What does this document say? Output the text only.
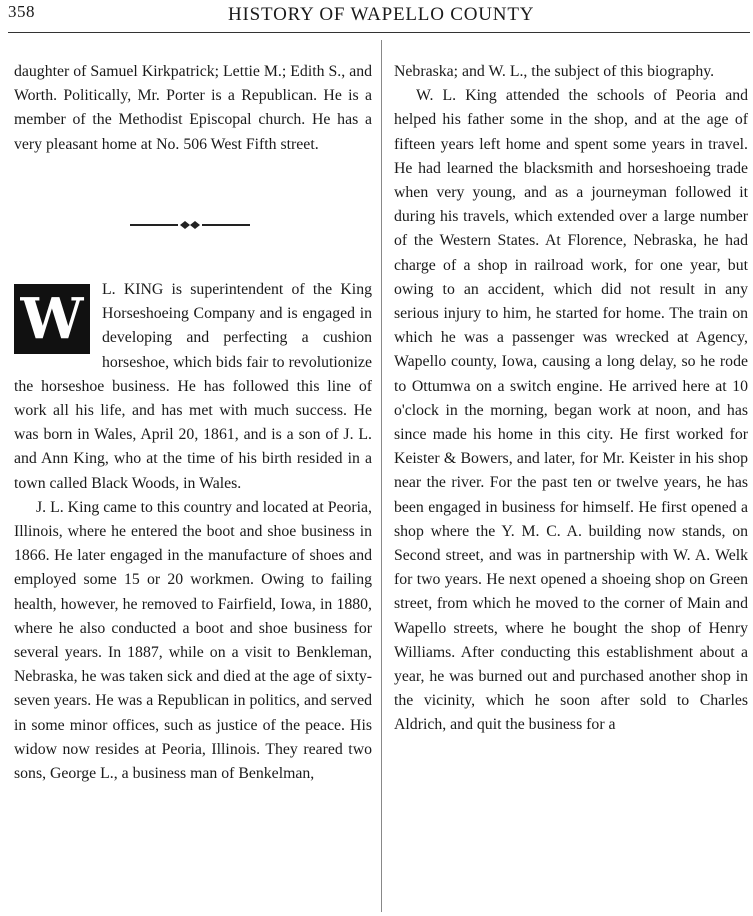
358	HISTORY OF WAPELLO COUNTY

daughter of Samuel Kirkpatrick; Lettie M.; Edith S., and Worth. Politically, Mr. Porter is a Republican. He is a member of the Methodist Episcopal church. He has a very pleasant home at No. 506 West Fifth street.

W	L. KING is superintendent of the King Horseshoeing Company and is engaged in developing and perfecting a cushion horseshoe, which bids fair to revolutionize the horseshoe business. He has followed this line of work all his life, and has met with much success. He was born in Wales, April 20, 1861, and is a son of J. L. and Ann King, who at the time of his birth resided in a town called Black Woods, in Wales.

J. L. King came to this country and located at Peoria, Illinois, where he entered the boot and shoe business in 1866. He later engaged in the manufacture of shoes and employed some 15 or 20 workmen. Owing to failing health, however, he removed to Fairfield, Iowa, in 1880, where he also conducted a boot and shoe business for several years. In 1887, while on a visit to Benkleman, Nebraska, he was taken sick and died at the age of sixty-seven years. He was a Republican in politics, and served in some minor offices, such as justice of the peace. His widow now resides at Peoria, Illinois. They reared two sons, George L., a business man of Benkelman,

Nebraska; and W. L., the subject of this biography.

W. L. King attended the schools of Peoria and helped his father some in the shop, and at the age of fifteen years left home and spent some years in travel. He had learned the blacksmith and horseshoeing trade when very young, and as a journeyman followed it during his travels, which extended over a large number of the Western States. At Florence, Nebraska, he had charge of a shop in railroad work, for one year, but owing to an accident, which did not result in any serious injury to him, he started for home. The train on which he was a passenger was wrecked at Agency, Wapello county, Iowa, causing a long delay, so he rode to Ottumwa on a switch engine. He arrived here at 10 o'clock in the morning, began work at noon, and has since made his home in this city. He first worked for Keister & Bowers, and later, for Mr. Keister in his shop near the river. For the past ten or twelve years, he has been engaged in business for himself. He first opened a shop where the Y. M. C. A. building now stands, on Second street, and was in partnership with W. A. Welk for two years. He next opened a shoeing shop on Green street, from which he moved to the corner of Main and Wapello streets, where he bought the shop of Henry Williams. After conducting this establishment about a year, he was burned out and purchased another shop in the vicinity, which he soon after sold to Charles Aldrich, and quit the business for a
